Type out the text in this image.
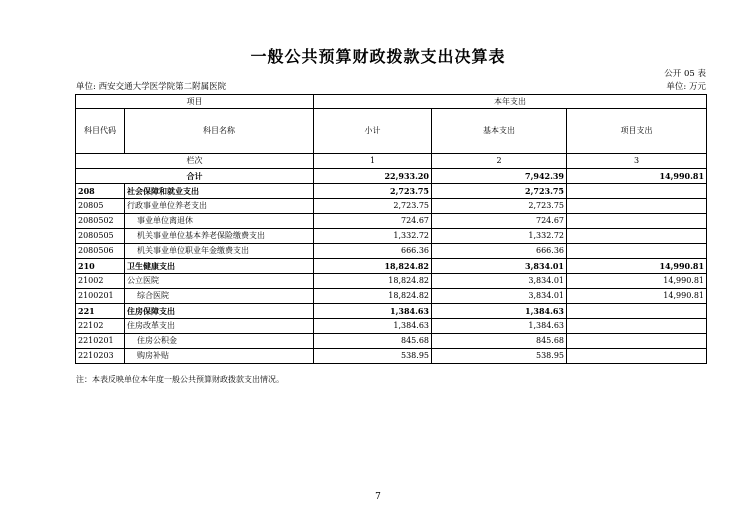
一般公共预算财政拨款支出决算表
公开 05 表
单位: 西安交通大学医学院第二附属医院	单位: 万元
项目		本年支出		
科目代码	科目名称	小计	基本支出	项目支出
栏次		1	2	3
合计		22,933.20	7,942.39	14,990.81
208	社会保障和就业支出	2,723.75	2,723.75	
20805	行政事业单位养老支出	2,723.75	2,723.75	
2080502	事业单位离退休	724.67	724.67	
2080505	机关事业单位基本养老保险缴费支出	1,332.72	1,332.72	
2080506	机关事业单位职业年金缴费支出	666.36	666.36	
210	卫生健康支出	18,824.82	3,834.01	14,990.81
21002	公立医院	18,824.82	3,834.01	14,990.81
2100201	综合医院	18,824.82	3,834.01	14,990.81
221	住房保障支出	1,384.63	1,384.63	
22102	住房改革支出	1,384.63	1,384.63	
2210201	住房公积金	845.68	845.68	
2210203	购房补贴	538.95	538.95	
注：本表反映单位本年度一般公共预算财政拨款支出情况。
7
